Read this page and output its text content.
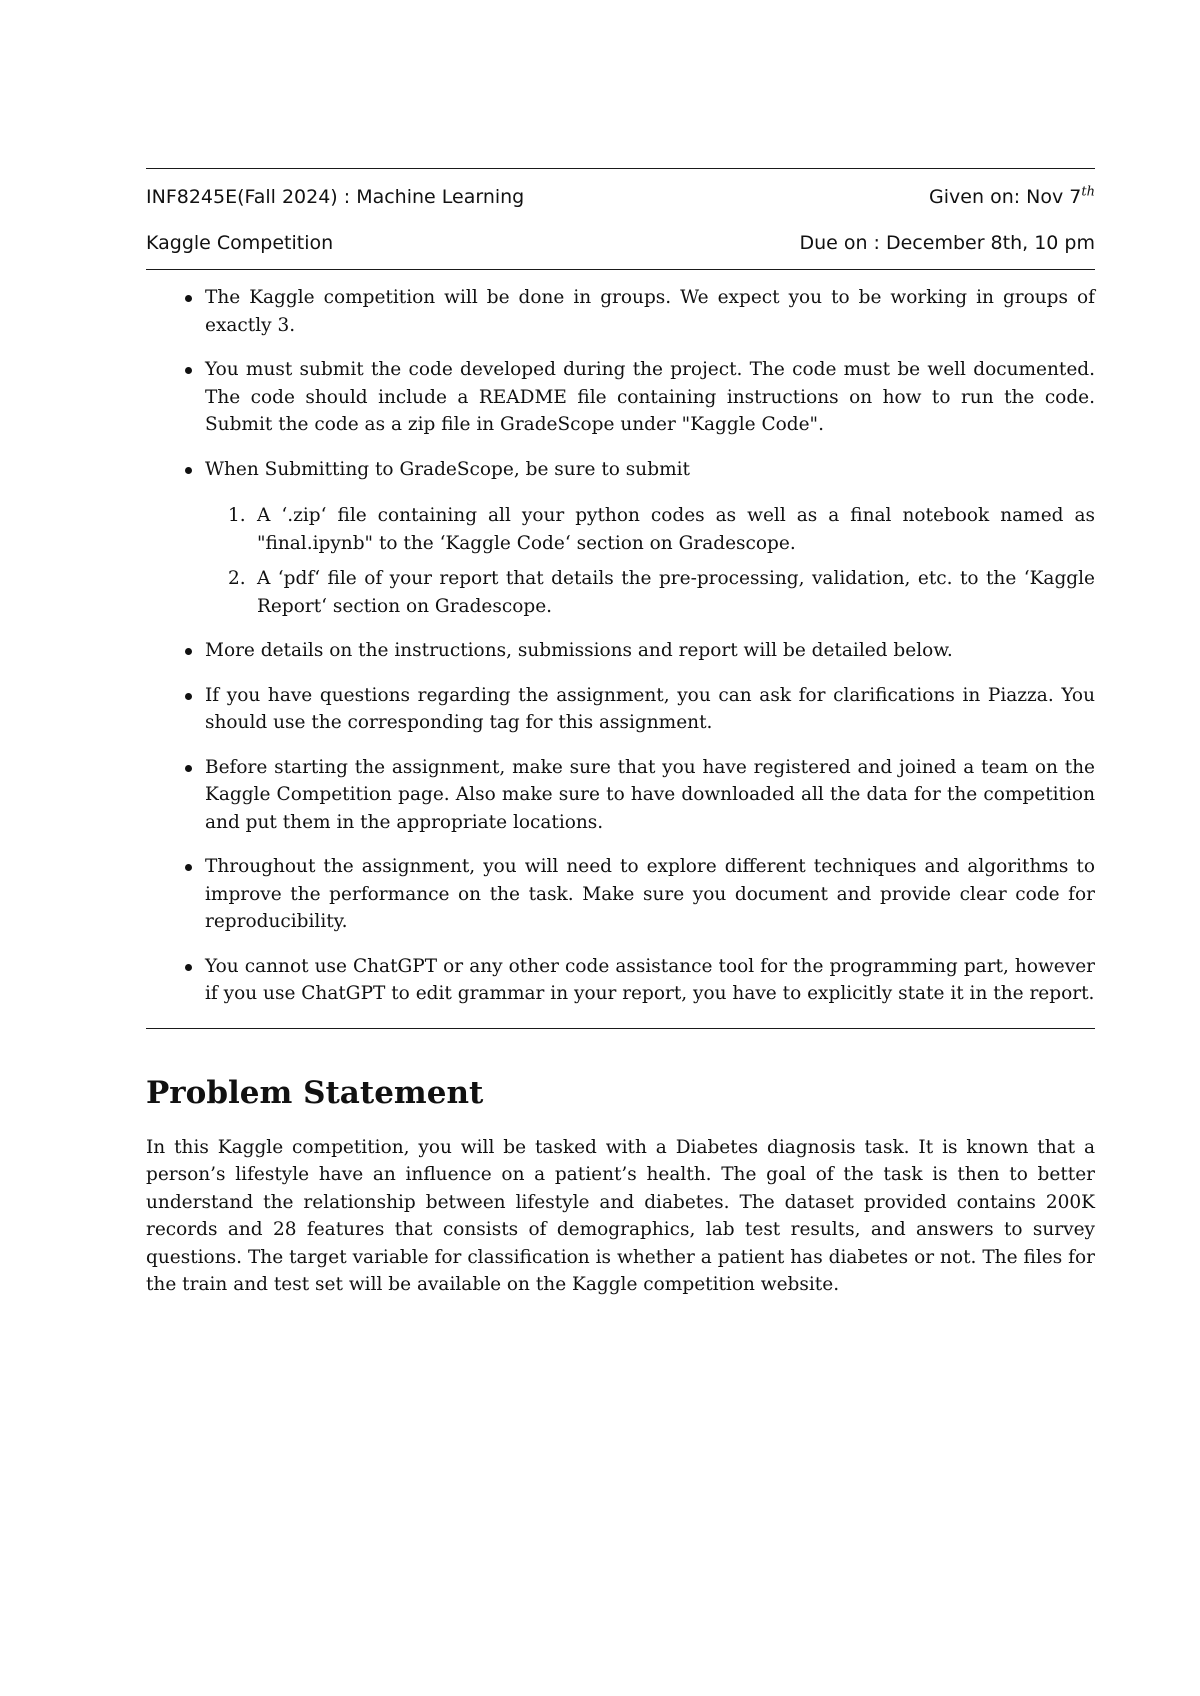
INF8245E(Fall 2024) : Machine Learning	Given on: Nov 7th
Kaggle Competition	Due on : December 8th, 10 pm
The Kaggle competition will be done in groups. We expect you to be working in groups of exactly 3.
You must submit the code developed during the project. The code must be well documented. The code should include a README file containing instructions on how to run the code. Submit the code as a zip file in GradeScope under "Kaggle Code".
When Submitting to GradeScope, be sure to submit
1. A ‘.zip‘ file containing all your python codes as well as a final notebook named as "final.ipynb" to the ‘Kaggle Code‘ section on Gradescope.
2. A ‘pdf‘ file of your report that details the pre-processing, validation, etc. to the ‘Kaggle Report‘ section on Gradescope.
More details on the instructions, submissions and report will be detailed below.
If you have questions regarding the assignment, you can ask for clarifications in Piazza. You should use the corresponding tag for this assignment.
Before starting the assignment, make sure that you have registered and joined a team on the Kaggle Competition page. Also make sure to have downloaded all the data for the competition and put them in the appropriate locations.
Throughout the assignment, you will need to explore different techniques and algorithms to improve the performance on the task. Make sure you document and provide clear code for reproducibility.
You cannot use ChatGPT or any other code assistance tool for the programming part, however if you use ChatGPT to edit grammar in your report, you have to explicitly state it in the report.
Problem Statement

In this Kaggle competition, you will be tasked with a Diabetes diagnosis task. It is known that a person’s lifestyle have an influence on a patient’s health. The goal of the task is then to better understand the relationship between lifestyle and diabetes. The dataset provided contains 200K records and 28 features that consists of demographics, lab test results, and answers to survey questions. The target variable for classification is whether a patient has diabetes or not. The files for the train and test set will be available on the Kaggle competition website.
